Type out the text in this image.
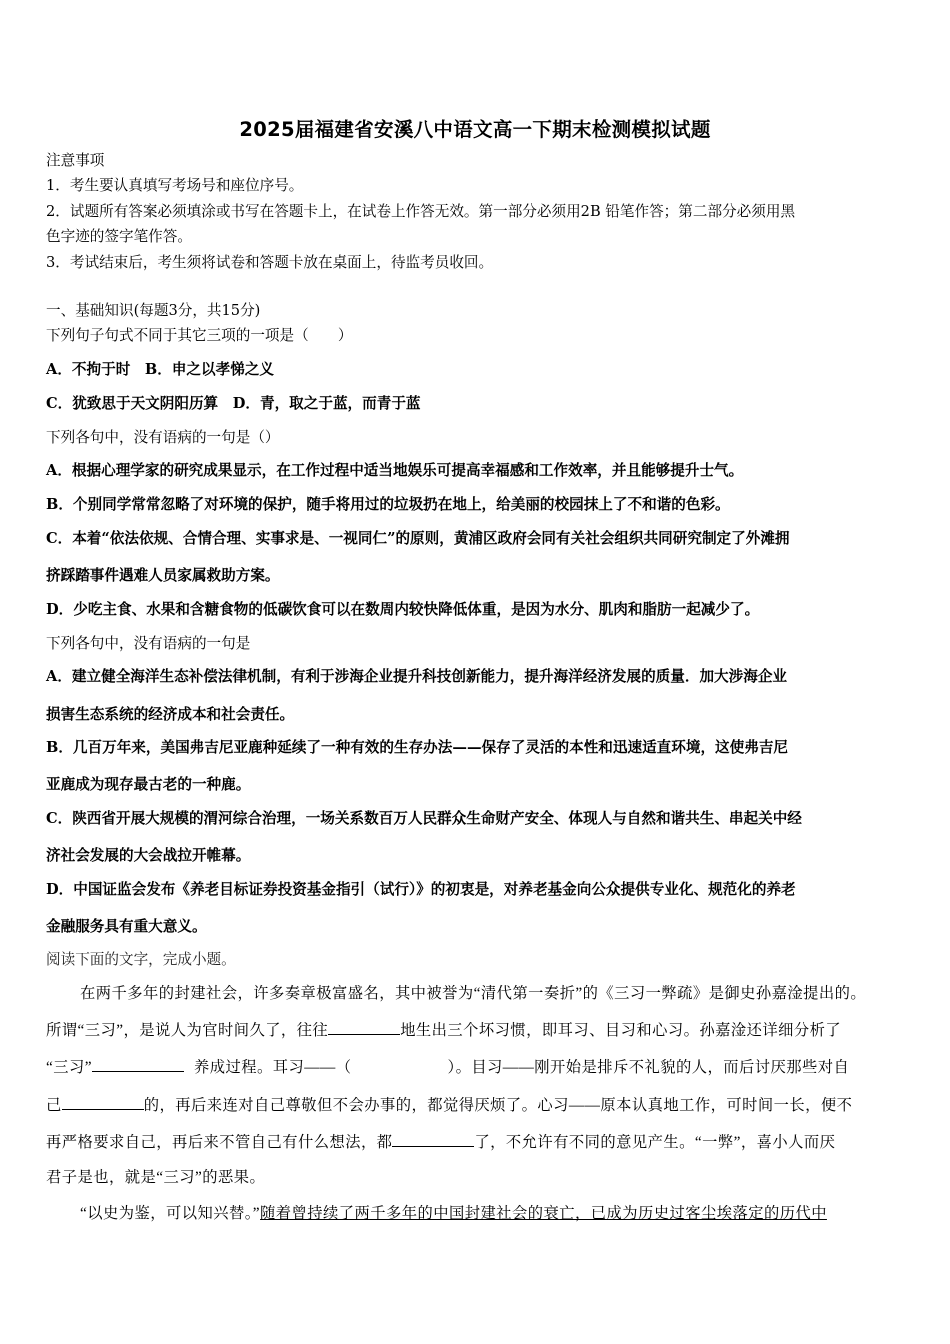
2025届福建省安溪八中语文高一下期末检测模拟试题
注意事项
1．考生要认真填写考场号和座位序号。
2．试题所有答案必须填涂或书写在答题卡上，在试卷上作答无效。第一部分必须用2B 铅笔作答；第二部分必须用黑
色字迹的签字笔作答。
3．考试结束后，考生须将试卷和答题卡放在桌面上，待监考员收回。
一、基础知识(每题3分，共15分)
下列句子句式不同于其它三项的一项是（　　）
A．不拘于时　B．申之以孝悌之义
C．犹致思于天文阴阳历算　D．青，取之于蓝，而青于蓝
下列各句中，没有语病的一句是（）
A．根据心理学家的研究成果显示，在工作过程中适当地娱乐可提高幸福感和工作效率，并且能够提升士气。
B．个别同学常常忽略了对环境的保护，随手将用过的垃圾扔在地上，给美丽的校园抹上了不和谐的色彩。
C．本着“依法依规、合情合理、实事求是、一视同仁”的原则，黄浦区政府会同有关社会组织共同研究制定了外滩拥
挤踩踏事件遇难人员家属救助方案。
D．少吃主食、水果和含糖食物的低碳饮食可以在数周内较快降低体重，是因为水分、肌肉和脂肪一起减少了。
下列各句中，没有语病的一句是
A．建立健全海洋生态补偿法律机制，有利于涉海企业提升科技创新能力，提升海洋经济发展的质量．加大涉海企业
损害生态系统的经济成本和社会责任。
B．几百万年来，美国弗吉尼亚鹿种延续了一种有效的生存办法——保存了灵活的本性和迅速适直环境，这使弗吉尼
亚鹿成为现存最古老的一种鹿。
C．陕西省开展大规模的渭河综合治理，一场关系数百万人民群众生命财产安全、体现人与自然和谐共生、串起关中经
济社会发展的大会战拉开帷幕。
D．中国证监会发布《养老目标证券投资基金指引（试行）》的初衷是，对养老基金向公众提供专业化、规范化的养老
金融服务具有重大意义。
阅读下面的文字，完成小题。
在两千多年的封建社会，许多奏章极富盛名，其中被誉为“清代第一奏折”的《三习一弊疏》是御史孙嘉淦提出的。
所谓“三习”，是说人为官时间久了，往往	地生出三个坏习惯，即耳习、目习和心习。孙嘉淦还详细分析了
“三习”	养成过程。耳习——（	）。目习——刚开始是排斥不礼貌的人，而后讨厌那些对自
己	的，再后来连对自己尊敬但不会办事的，都觉得厌烦了。心习——原本认真地工作，可时间一长，便不
再严格要求自己，再后来不管自己有什么想法，都	了，不允许有不同的意见产生。“一弊”，喜小人而厌
君子是也，就是“三习”的恶果。
“以史为鉴，可以知兴替。”随着曾持续了两千多年的中国封建社会的衰亡，已成为历史过客尘埃落定的历代中
